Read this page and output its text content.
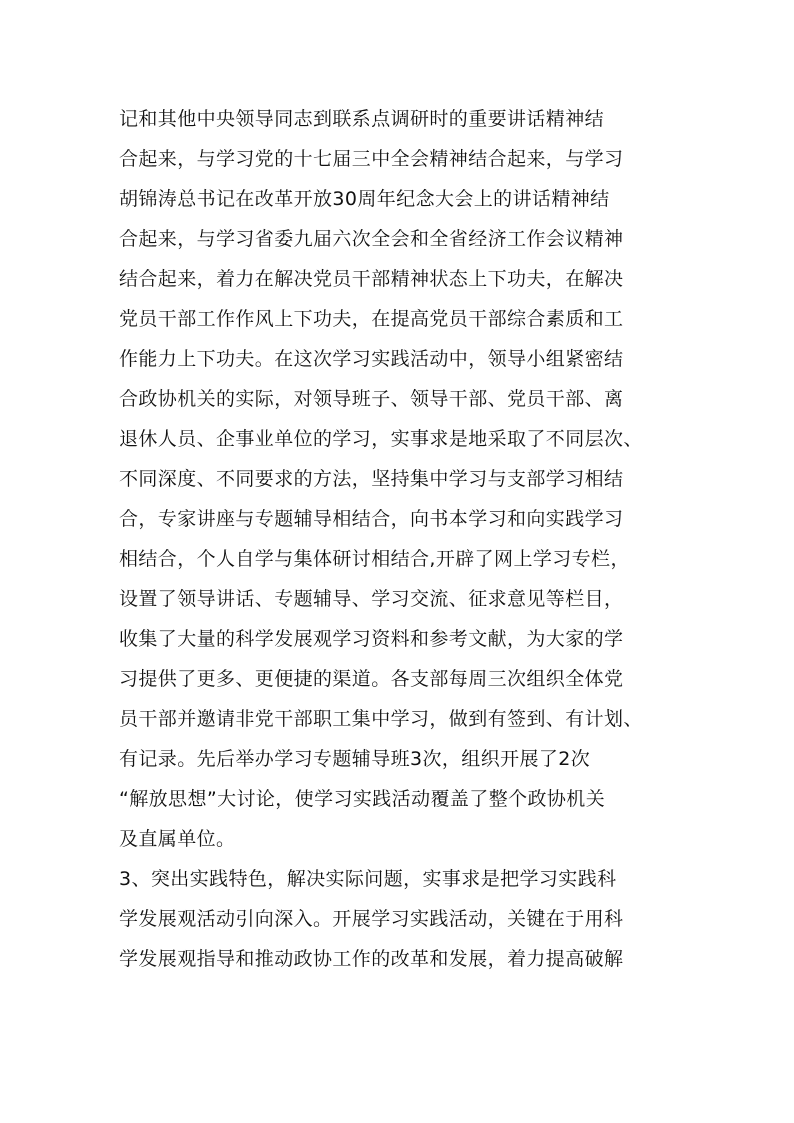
记和其他中央领导同志到联系点调研时的重要讲话精神结
合起来，与学习党的十七届三中全会精神结合起来，与学习
胡锦涛总书记在改革开放30周年纪念大会上的讲话精神结
合起来，与学习省委九届六次全会和全省经济工作会议精神
结合起来，着力在解决党员干部精神状态上下功夫，在解决
党员干部工作作风上下功夫，在提高党员干部综合素质和工
作能力上下功夫。在这次学习实践活动中，领导小组紧密结
合政协机关的实际，对领导班子、领导干部、党员干部、离
退休人员、企事业单位的学习，实事求是地采取了不同层次、
不同深度、不同要求的方法，坚持集中学习与支部学习相结
合，专家讲座与专题辅导相结合，向书本学习和向实践学习
相结合，个人自学与集体研讨相结合,开辟了网上学习专栏，
设置了领导讲话、专题辅导、学习交流、征求意见等栏目，
收集了大量的科学发展观学习资料和参考文献，为大家的学
习提供了更多、更便捷的渠道。各支部每周三次组织全体党
员干部并邀请非党干部职工集中学习，做到有签到、有计划、
有记录。先后举办学习专题辅导班3次，组织开展了2次
“解放思想”大讨论，使学习实践活动覆盖了整个政协机关
及直属单位。
3、突出实践特色，解决实际问题，实事求是把学习实践科
学发展观活动引向深入。开展学习实践活动，关键在于用科
学发展观指导和推动政协工作的改革和发展，着力提高破解
